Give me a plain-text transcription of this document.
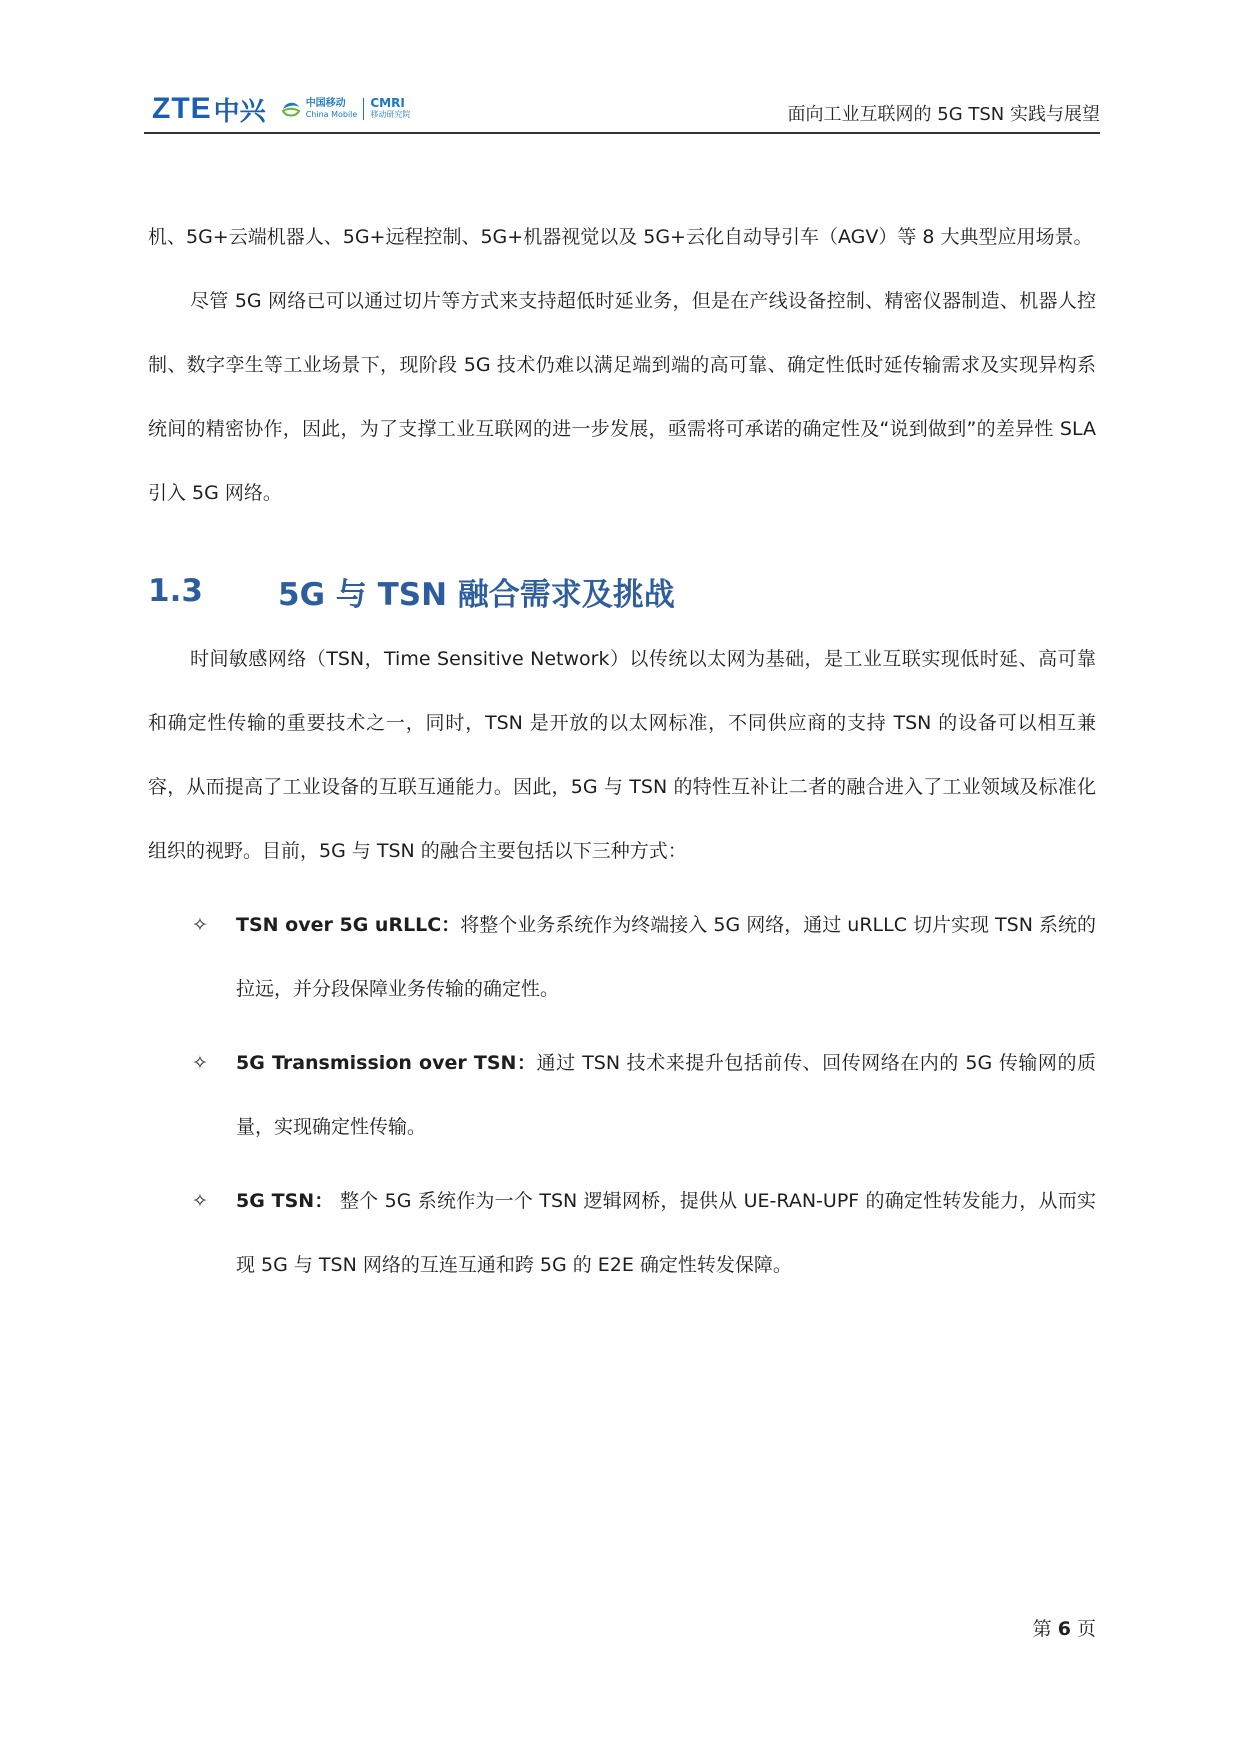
ZTE 中兴	中国移动
China Mobile
CMRI
移动研究院	面向工业互联网的 5G TSN 实践与展望

机、5G+云端机器人、5G+远程控制、5G+机器视觉以及 5G+云化自动导引车（AGV）等 8 大典型应用场景。

尽管 5G 网络已可以通过切片等方式来支持超低时延业务，但是在产线设备控制、精密仪器制造、机器人控制、数字孪生等工业场景下，现阶段 5G 技术仍难以满足端到端的高可靠、确定性低时延传输需求及实现异构系统间的精密协作，因此，为了支撑工业互联网的进一步发展，亟需将可承诺的确定性及“说到做到”的差异性 SLA 引入 5G 网络。

1.3	5G 与 TSN 融合需求及挑战

时间敏感网络（TSN，Time Sensitive Network）以传统以太网为基础，是工业互联实现低时延、高可靠和确定性传输的重要技术之一，同时，TSN 是开放的以太网标准，不同供应商的支持 TSN 的设备可以相互兼容，从而提高了工业设备的互联互通能力。因此，5G 与 TSN 的特性互补让二者的融合进入了工业领域及标准化组织的视野。目前，5G 与 TSN 的融合主要包括以下三种方式：

✧ TSN over 5G uRLLC：将整个业务系统作为终端接入 5G 网络，通过 uRLLC 切片实现 TSN 系统的拉远，并分段保障业务传输的确定性。

✧ 5G Transmission over TSN：通过 TSN 技术来提升包括前传、回传网络在内的 5G 传输网的质量，实现确定性传输。

✧ 5G TSN： 整个 5G 系统作为一个 TSN 逻辑网桥，提供从 UE-RAN-UPF 的确定性转发能力，从而实现 5G 与 TSN 网络的互连互通和跨 5G 的 E2E 确定性转发保障。

第 6 页
